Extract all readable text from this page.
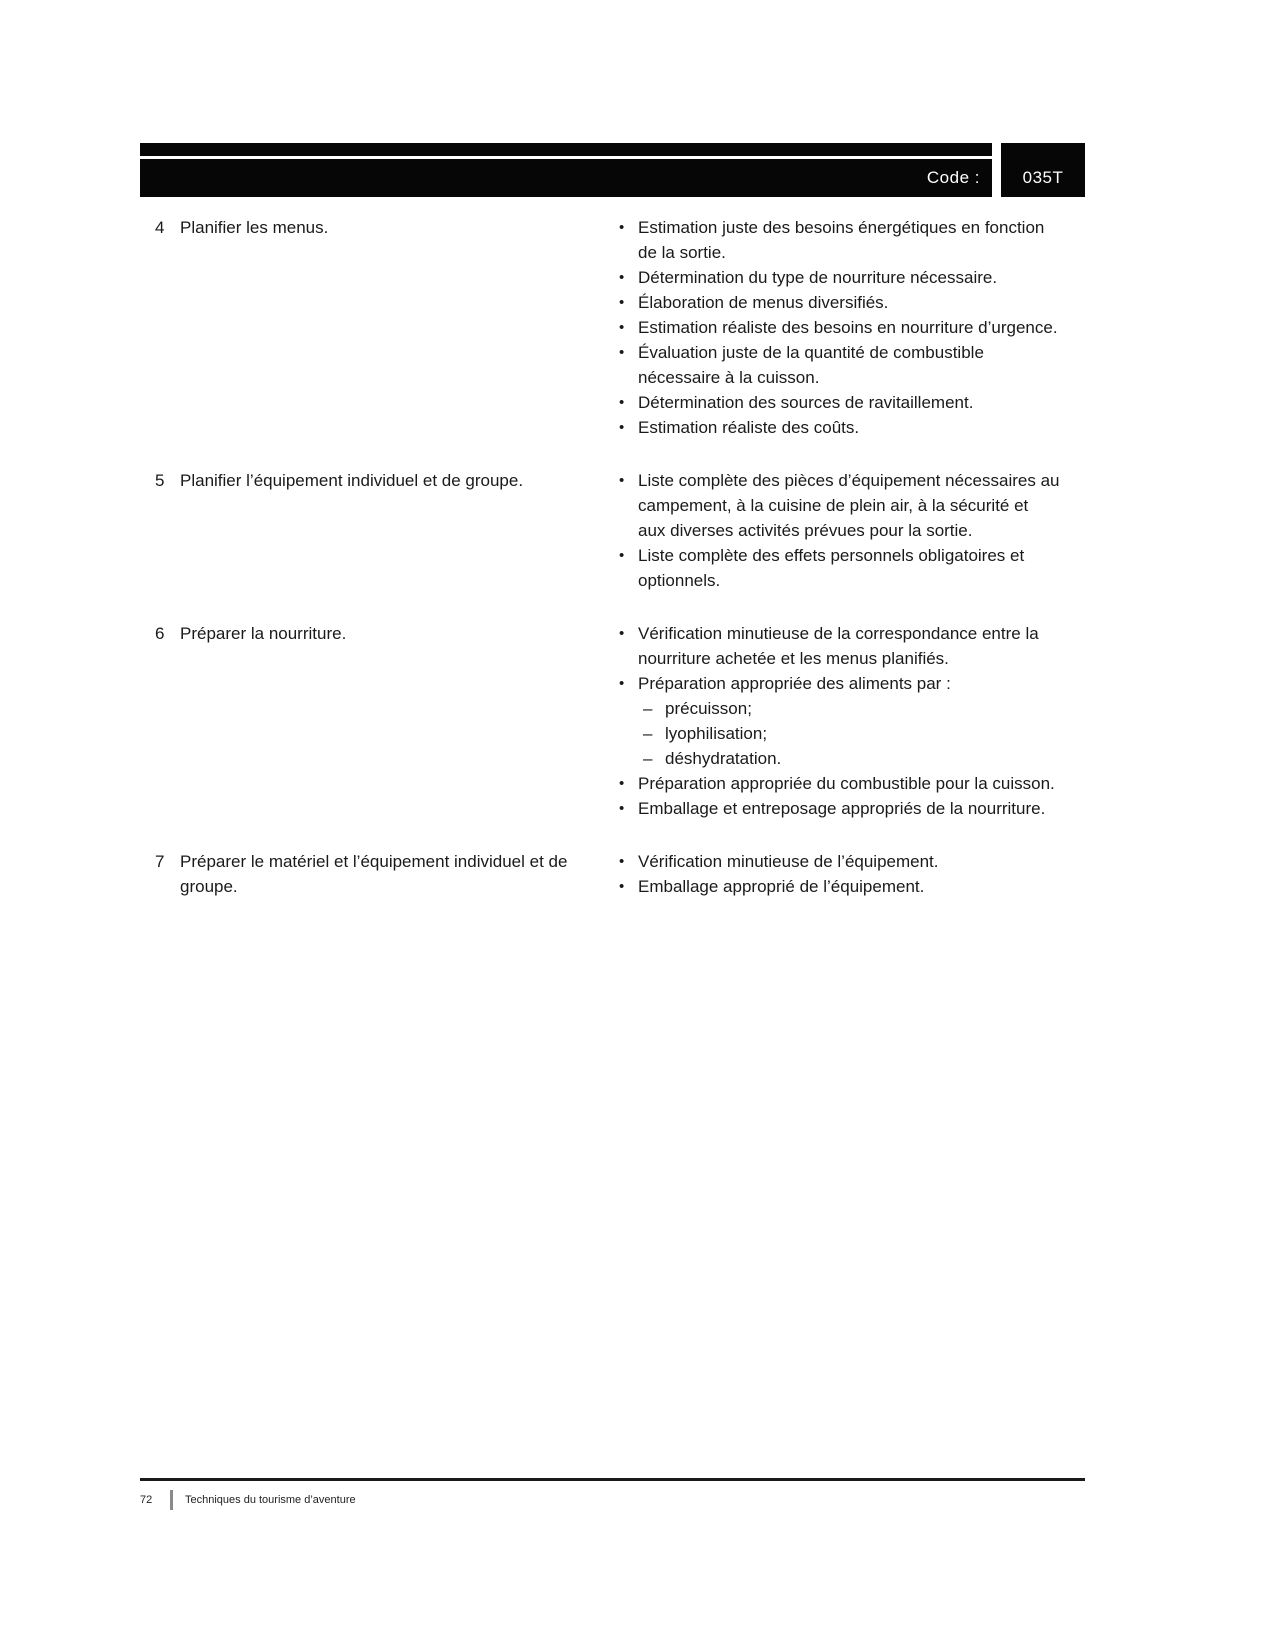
Code :	035T
4 Planifier les menus.	• Estimation juste des besoins énergétiques en fonction de la sortie.
• Détermination du type de nourriture nécessaire.
• Élaboration de menus diversifiés.
• Estimation réaliste des besoins en nourriture d’urgence.
• Évaluation juste de la quantité de combustible nécessaire à la cuisson.
• Détermination des sources de ravitaillement.
• Estimation réaliste des coûts.
5 Planifier l’équipement individuel et de groupe.	• Liste complète des pièces d’équipement nécessaires au campement, à la cuisine de plein air, à la sécurité et aux diverses activités prévues pour la sortie.
• Liste complète des effets personnels obligatoires et optionnels.
6 Préparer la nourriture.	• Vérification minutieuse de la correspondance entre la nourriture achetée et les menus planifiés.
• Préparation appropriée des aliments par :
– précuisson;
– lyophilisation;
– déshydratation.
• Préparation appropriée du combustible pour la cuisson.
• Emballage et entreposage appropriés de la nourriture.
7 Préparer le matériel et l’équipement individuel et de groupe.
• Vérification minutieuse de l’équipement.
• Emballage approprié de l’équipement.
72	Techniques du tourisme d’aventure
